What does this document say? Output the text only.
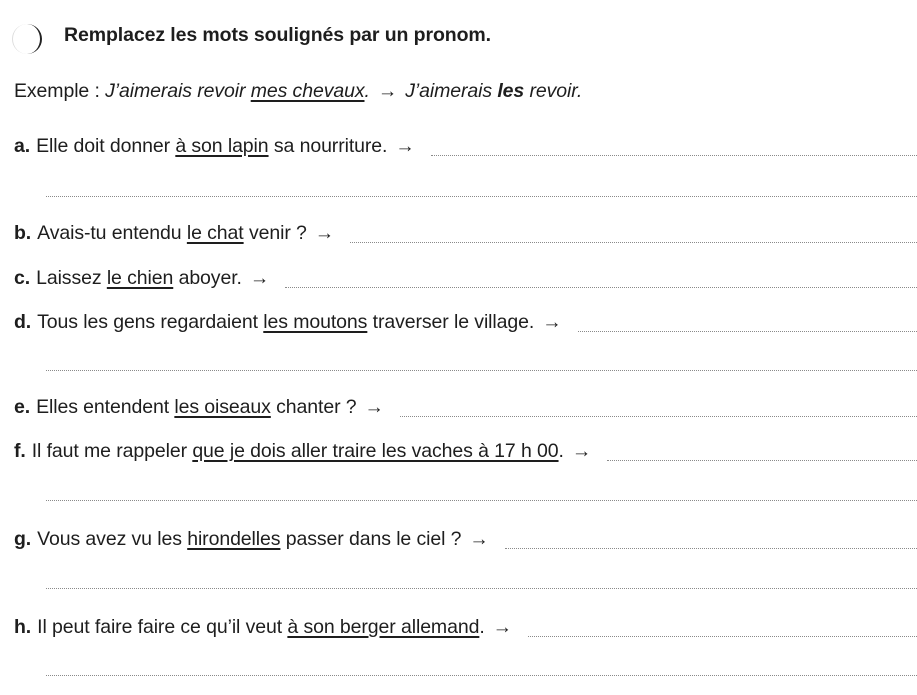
Remplacez les mots soulignés par un pronom.
Exemple : J’aimerais revoir mes chevaux . → J’aimerais les revoir.
a. Elle doit donner à son lapin sa nourriture. →
b. Avais-tu entendu le chat venir ? →
c. Laissez le chien aboyer. →
d. Tous les gens regardaient les moutons traverser le village. →
e. Elles entendent les oiseaux chanter ? →
f. Il faut me rappeler que je dois aller traire les vaches à 17 h 00 . →
g. Vous avez vu les hirondelles passer dans le ciel ? →
h. Il peut faire faire ce qu’il veut à son berger allemand . →
